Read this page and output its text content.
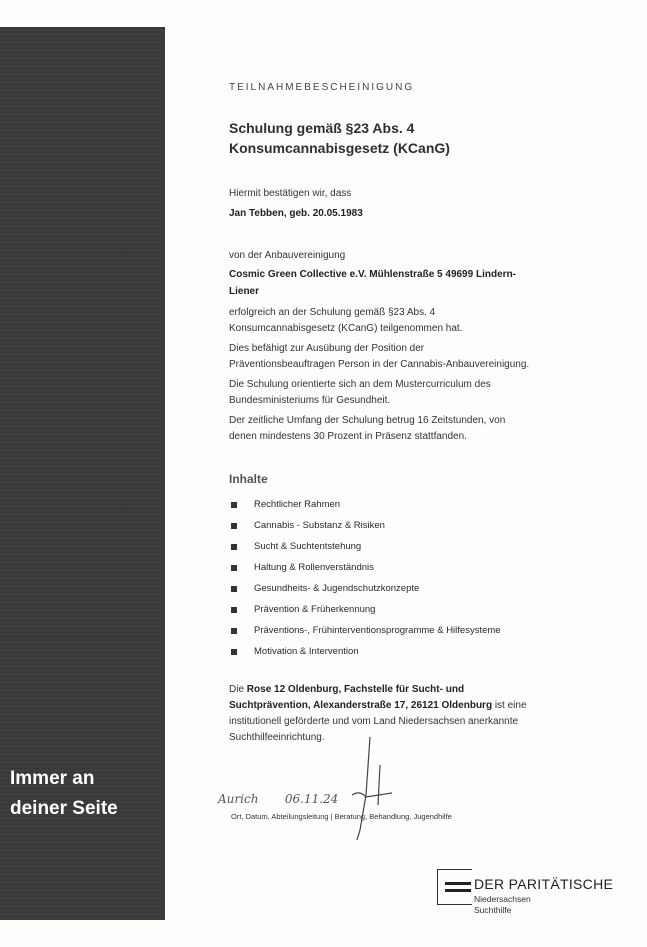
Immer an
deiner Seite

TEILNAHMEBESCHEINIGUNG

Schulung gemäß §23 Abs. 4

Konsumcannabisgesetz (KCanG)

Hiermit bestätigen wir, dass

Jan Tebben, geb. 20.05.1983

von der Anbauvereinigung

Cosmic Green Collective e.V. Mühlenstraße 5 49699 Lindern-

Liener

erfolgreich an der Schulung gemäß §23 Abs. 4

Konsumcannabisgesetz (KCanG) teilgenommen hat.

Dies befähigt zur Ausübung der Position der

Präventionsbeauftragen Person in der Cannabis-Anbauvereinigung.

Die Schulung orientierte sich an dem Mustercurriculum des

Bundesministeriums für Gesundheit.

Der zeitliche Umfang der Schulung betrug 16 Zeitstunden, von

denen mindestens 30 Prozent in Präsenz stattfanden.

Inhalte

Rechtlicher Rahmen
Cannabis - Substanz & Risiken
Sucht & Suchtentstehung
Haltung & Rollenverständnis
Gesundheits- & Jugendschutzkonzepte
Prävention & Früherkennung
Präventions-, Frühinterventionsprogramme & Hilfesysteme
Motivation & Intervention

Die Rose 12 Oldenburg, Fachstelle für Sucht- und

Suchtprävention, Alexanderstraße 17, 26121 Oldenburg ist eine

institutionell geförderte und vom Land Niedersachsen anerkannte

Suchthilfeeinrichtung.

Aurich 06.11.24
Ort, Datum, Abteilungsleitung | Beratung, Behandlung, Jugendhilfe
DER PARITÄTISCHE
Niedersachsen
Suchthilfe
